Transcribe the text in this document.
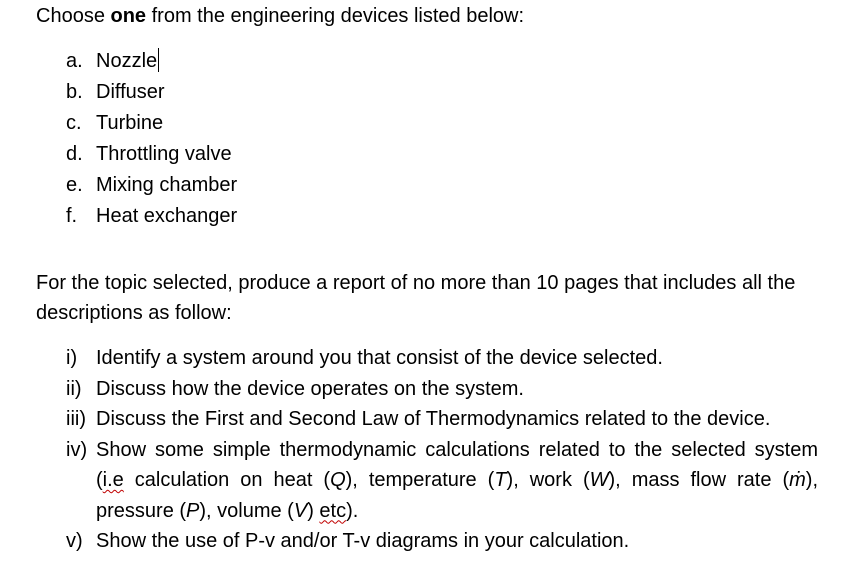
Choose one from the engineering devices listed below:
a. Nozzle
b. Diffuser
c. Turbine
d. Throttling valve
e. Mixing chamber
f. Heat exchanger
For the topic selected, produce a report of no more than 10 pages that includes all the descriptions as follow:
i) Identify a system around you that consist of the device selected.
ii) Discuss how the device operates on the system.
iii) Discuss the First and Second Law of Thermodynamics related to the device.
iv) Show some simple thermodynamic calculations related to the selected system (i.e calculation on heat (Q), temperature (T), work (W), mass flow rate (ṁ), pressure (P), volume (V) etc).
v) Show the use of P-v and/or T-v diagrams in your calculation.
